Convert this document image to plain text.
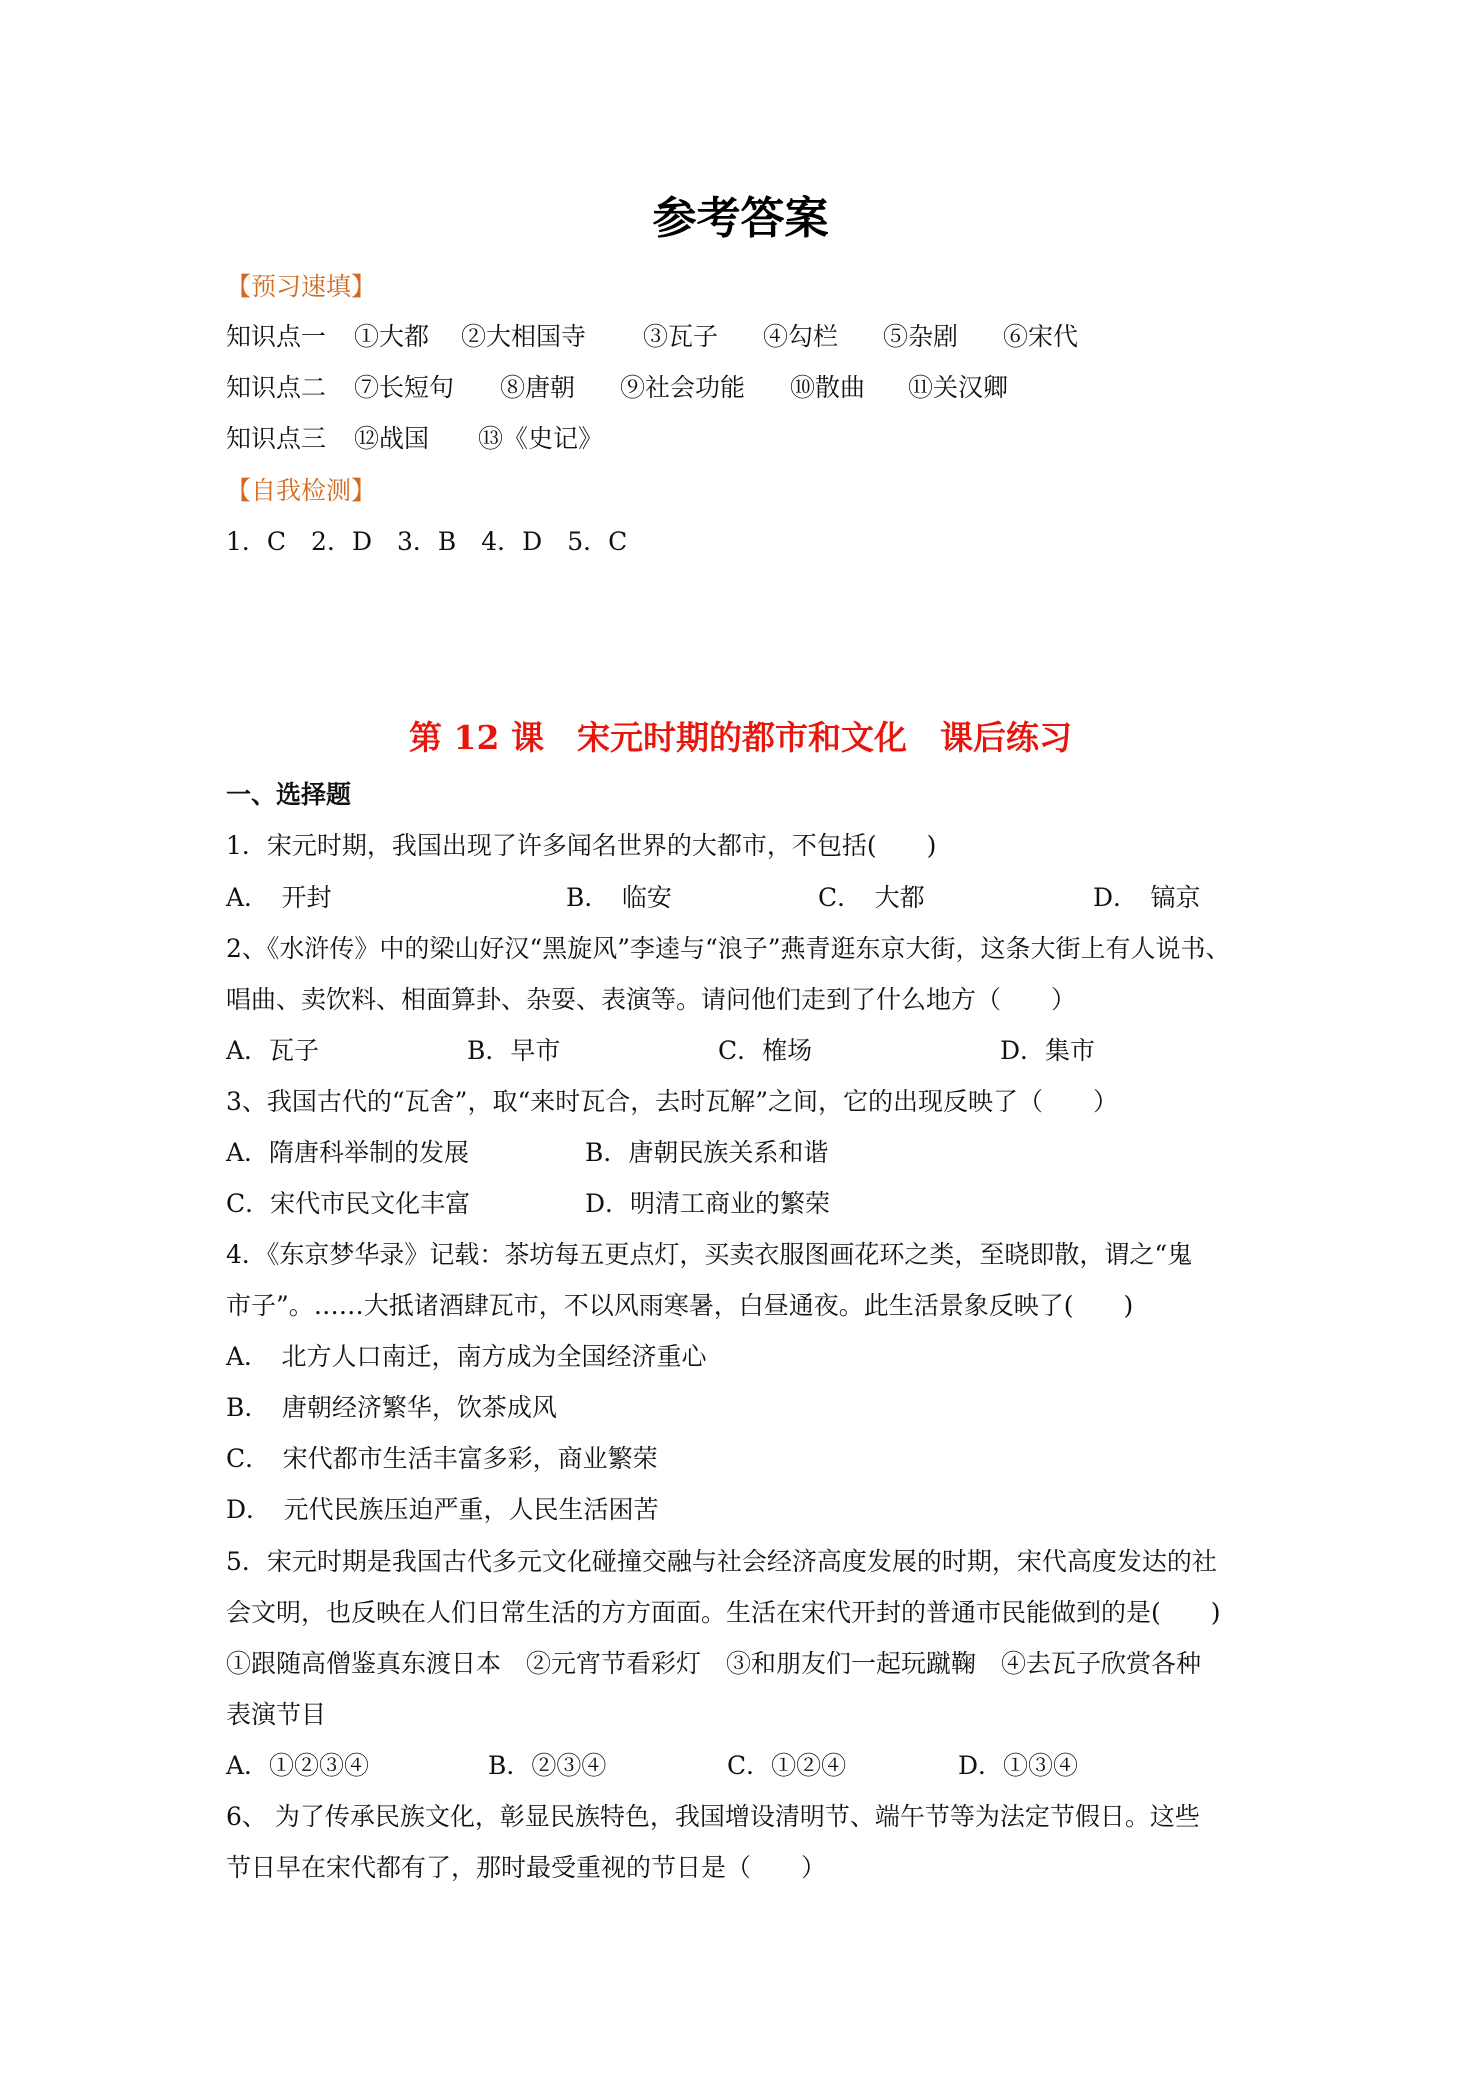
参考答案
【预习速填】
知识点一 ①大都 ②大相国寺 ③瓦子 ④勾栏 ⑤杂剧 ⑥宋代
知识点二 ⑦长短句 ⑧唐朝 ⑨社会功能 ⑩散曲 ⑪关汉卿
知识点三 ⑫战国 ⑬《史记》
【自我检测】
1．C　2．D　3．B　4．D　5．C
第 12 课　宋元时期的都市和文化　课后练习
一、选择题
1．宋元时期，我国出现了许多闻名世界的大都市，不包括(　　)
A．　开封	B．　临安	C．　大都	D．　镐京
2、《水浒传》中的梁山好汉“黑旋风”李逵与“浪子”燕青逛东京大街，这条大街上有人说书、
唱曲、卖饮料、相面算卦、杂耍、表演等。请问他们走到了什么地方（　　）
A．瓦子	B．早市	C．榷场	D．集市
3、我国古代的“瓦舍”，取“来时瓦合，去时瓦解”之间，它的出现反映了（　　）
A．隋唐科举制的发展	B．唐朝民族关系和谐
C．宋代市民文化丰富	D．明清工商业的繁荣
4．《东京梦华录》记载：茶坊每五更点灯，买卖衣服图画花环之类，至晓即散，谓之“鬼
市子”。……大抵诸酒肆瓦市，不以风雨寒暑，白昼通夜。此生活景象反映了(　　)
A．　北方人口南迁，南方成为全国经济重心
B．　唐朝经济繁华，饮茶成风
C．　宋代都市生活丰富多彩，商业繁荣
D．　元代民族压迫严重，人民生活困苦
5．宋元时期是我国古代多元文化碰撞交融与社会经济高度发展的时期，宋代高度发达的社
会文明，也反映在人们日常生活的方方面面。生活在宋代开封的普通市民能做到的是(　　)
①跟随高僧鉴真东渡日本　②元宵节看彩灯　③和朋友们一起玩蹴鞠　④去瓦子欣赏各种
表演节目
A．①②③④	B．②③④	C．①②④	D．①③④
6、 为了传承民族文化，彰显民族特色，我国增设清明节、端午节等为法定节假日。这些
节日早在宋代都有了，那时最受重视的节日是（　　）
